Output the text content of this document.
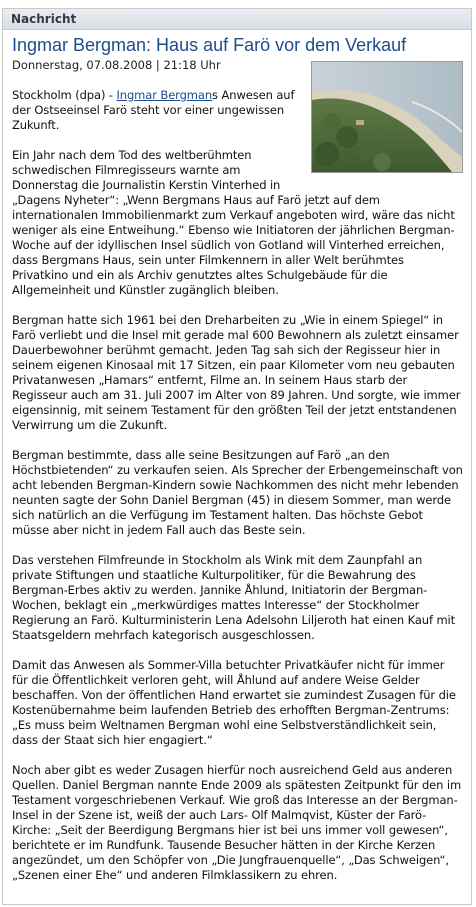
Nachricht
Ingmar Bergman: Haus auf Farö vor dem Verkauf
Donnerstag, 07.08.2008 | 21:18 Uhr

Stockholm (dpa) - Ingmar Bergmans Anwesen auf der Ostseeinsel Farö steht vor einer ungewissen Zukunft.

Ein Jahr nach dem Tod des weltberühmten schwedischen Filmregisseurs warnte am Donnerstag die Journalistin Kerstin Vinterhed in „Dagens Nyheter“: „Wenn Bergmans Haus auf Farö jetzt auf dem internationalen Immobilienmarkt zum Verkauf angeboten wird, wäre das nicht weniger als eine Entweihung.“ Ebenso wie Initiatoren der jährlichen Bergman-Woche auf der idyllischen Insel südlich von Gotland will Vinterhed erreichen, dass Bergmans Haus, sein unter Filmkennern in aller Welt berühmtes Privatkino und ein als Archiv genutztes altes Schulgebäude für die Allgemeinheit und Künstler zugänglich bleiben.

Bergman hatte sich 1961 bei den Dreharbeiten zu „Wie in einem Spiegel“ in Farö verliebt und die Insel mit gerade mal 600 Bewohnern als zuletzt einsamer Dauerbewohner berühmt gemacht. Jeden Tag sah sich der Regisseur hier in seinem eigenen Kinosaal mit 17 Sitzen, ein paar Kilometer vom neu gebauten Privatanwesen „Hamars“ entfernt, Filme an. In seinem Haus starb der Regisseur auch am 31. Juli 2007 im Alter von 89 Jahren. Und sorgte, wie immer eigensinnig, mit seinem Testament für den größten Teil der jetzt entstandenen Verwirrung um die Zukunft.

Bergman bestimmte, dass alle seine Besitzungen auf Farö „an den Höchstbietenden“ zu verkaufen seien. Als Sprecher der Erbengemeinschaft von acht lebenden Bergman-Kindern sowie Nachkommen des nicht mehr lebenden neunten sagte der Sohn Daniel Bergman (45) in diesem Sommer, man werde sich natürlich an die Verfügung im Testament halten. Das höchste Gebot müsse aber nicht in jedem Fall auch das Beste sein.

Das verstehen Filmfreunde in Stockholm als Wink mit dem Zaunpfahl an private Stiftungen und staatliche Kulturpolitiker, für die Bewahrung des Bergman-Erbes aktiv zu werden. Jannike Åhlund, Initiatorin der Bergman-Wochen, beklagt ein „merkwürdiges mattes Interesse“ der Stockholmer Regierung an Farö. Kulturministerin Lena Adelsohn Liljeroth hat einen Kauf mit Staatsgeldern mehrfach kategorisch ausgeschlossen.

Damit das Anwesen als Sommer-Villa betuchter Privatkäufer nicht für immer für die Öffentlichkeit verloren geht, will Åhlund auf andere Weise Gelder beschaffen. Von der öffentlichen Hand erwartet sie zumindest Zusagen für die Kostenübernahme beim laufenden Betrieb des erhofften Bergman-Zentrums: „Es muss beim Weltnamen Bergman wohl eine Selbstverständlichkeit sein, dass der Staat sich hier engagiert.“

Noch aber gibt es weder Zusagen hierfür noch ausreichend Geld aus anderen Quellen. Daniel Bergman nannte Ende 2009 als spätesten Zeitpunkt für den im Testament vorgeschriebenen Verkauf. Wie groß das Interesse an der Bergman-Insel in der Szene ist, weiß der auch Lars- Olf Malmqvist, Küster der Farö-Kirche: „Seit der Beerdigung Bergmans hier ist bei uns immer voll gewesen“, berichtete er im Rundfunk. Tausende Besucher hätten in der Kirche Kerzen angezündet, um den Schöpfer von „Die Jungfrauenquelle“, „Das Schweigen“, „Szenen einer Ehe“ und anderen Filmklassikern zu ehren.
